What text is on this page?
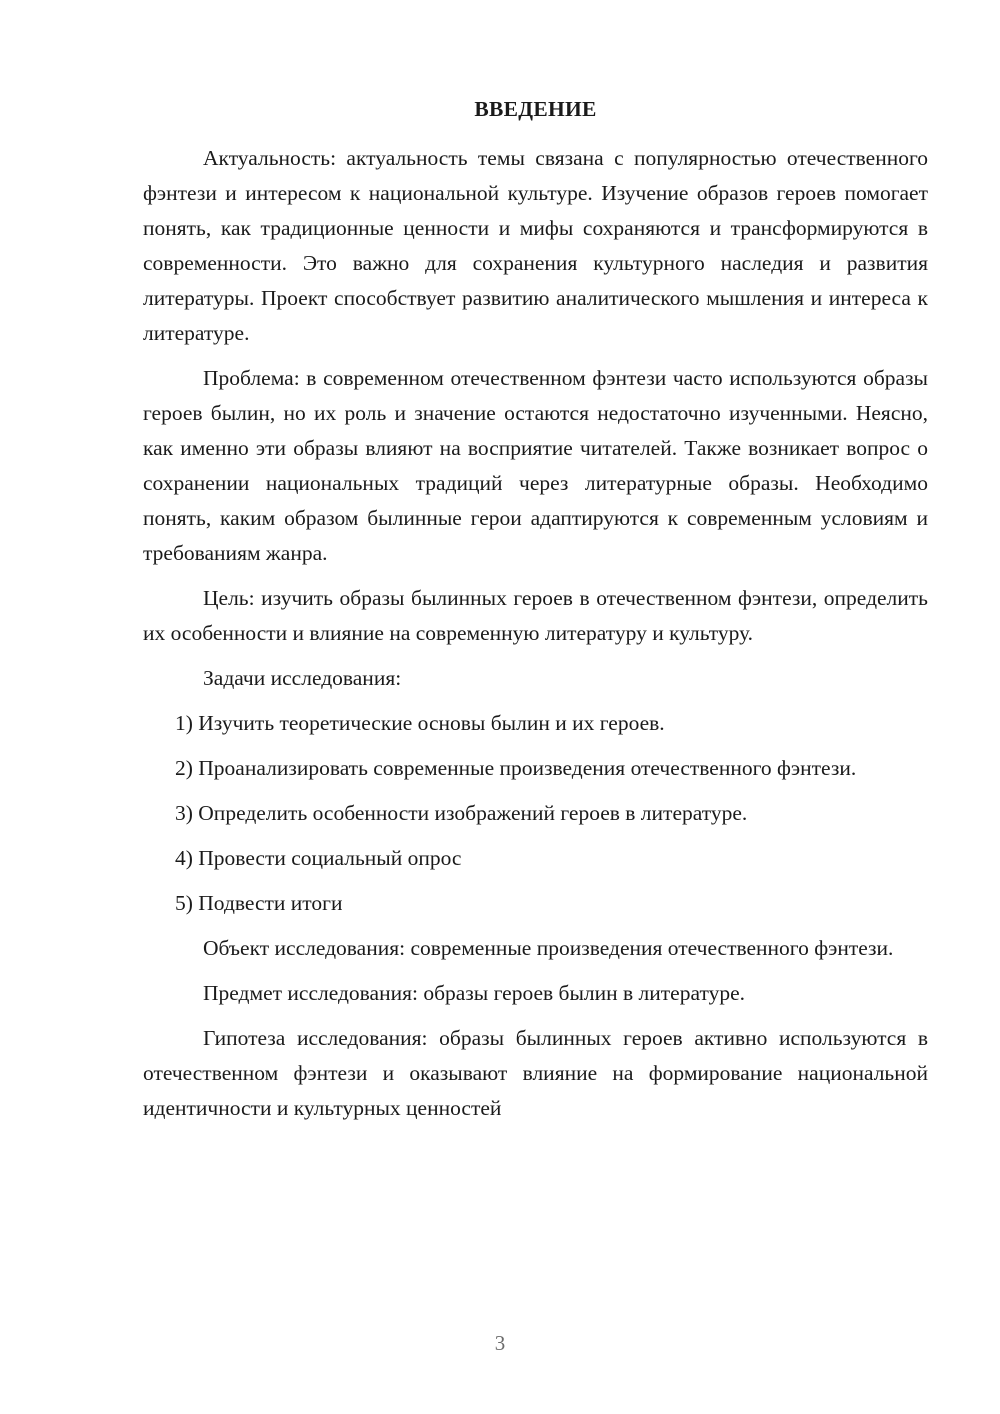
ВВЕДЕНИЕ

Актуальность: актуальность темы связана с популярностью отечественного фэнтези и интересом к национальной культуре. Изучение образов героев помогает понять, как традиционные ценности и мифы сохраняются и трансформируются в современности. Это важно для сохранения культурного наследия и развития литературы. Проект способствует развитию аналитического мышления и интереса к литературе.

Проблема: в современном отечественном фэнтези часто используются образы героев былин, но их роль и значение остаются недостаточно изученными. Неясно, как именно эти образы влияют на восприятие читателей. Также возникает вопрос о сохранении национальных традиций через литературные образы. Необходимо понять, каким образом былинные герои адаптируются к современным условиям и требованиям жанра.

Цель: изучить образы былинных героев в отечественном фэнтези, определить их особенности и влияние на современную литературу и культуру.

Задачи исследования:

1) Изучить теоретические основы былин и их героев.

2) Проанализировать современные произведения отечественного фэнтези.

3) Определить особенности изображений героев в литературе.

4) Провести социальный опрос

5) Подвести итоги

Объект исследования: современные произведения отечественного фэнтези.

Предмет исследования: образы героев былин в литературе.

Гипотеза исследования: образы былинных героев активно используются в отечественном фэнтези и оказывают влияние на формирование национальной идентичности и культурных ценностей

3
